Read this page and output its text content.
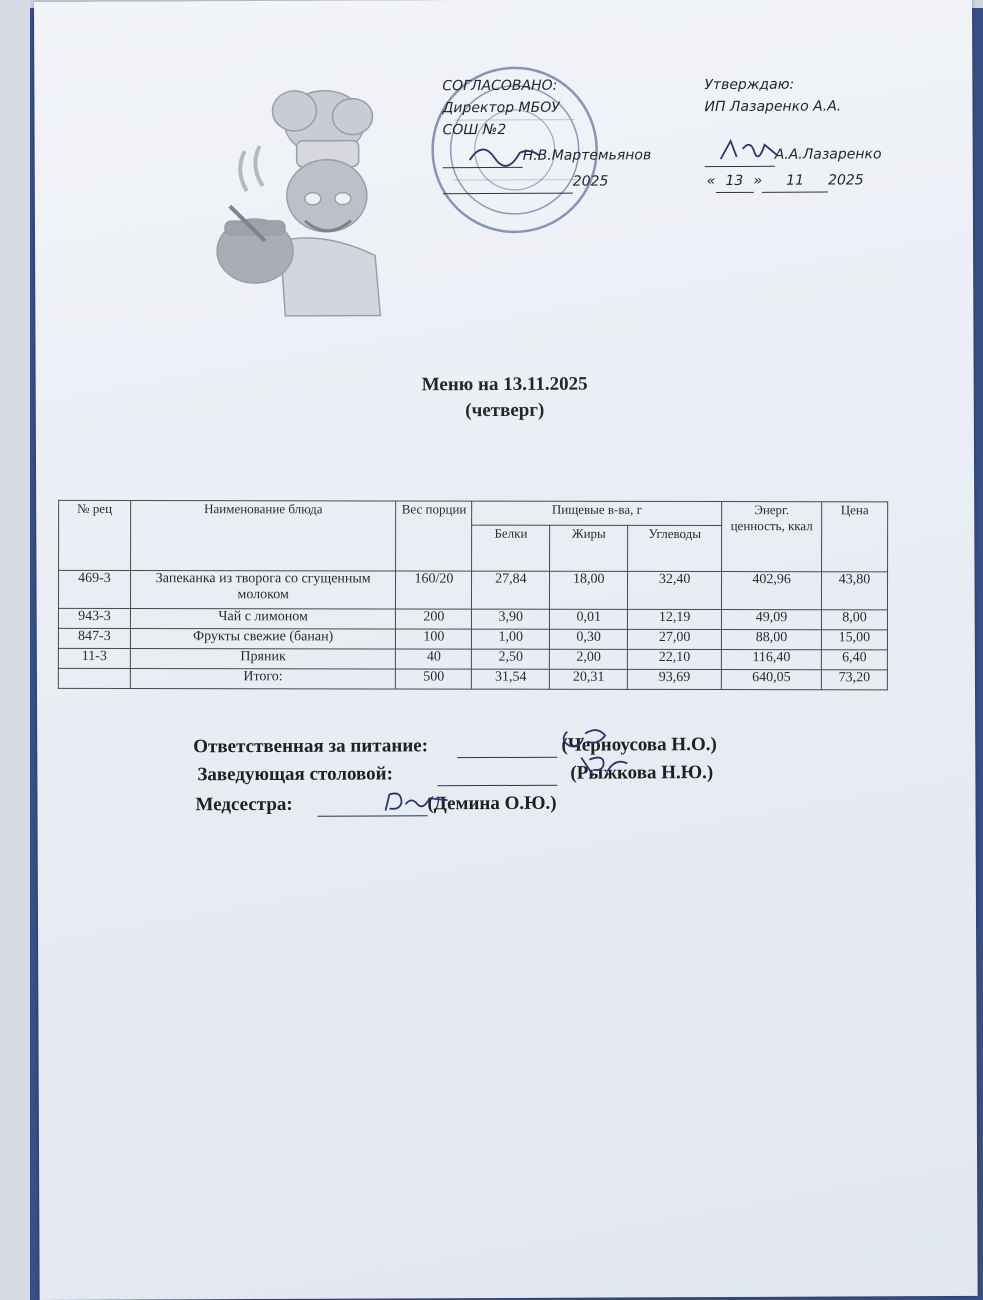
СОГЛАСОВАНО:
Директор МБОУ
СОШ №2
Н.В.Мартемьянов
2025
Утверждаю:
ИП Лазаренко А.А.
А.А.Лазаренко
« 13 » 11 2025
Меню на 13.11.2025
(четверг)
№ рец	Наименование блюда	Вес порции	Пищевые в-ва, г			Энерг. ценность, ккал	Цена
			Белки	Жиры	Углеводы		
469-3	Запеканка из творога со сгущенным молоком	160/20	27,84	18,00	32,40	402,96	43,80
943-3	Чай с лимоном	200	3,90	0,01	12,19	49,09	8,00
847-3	Фрукты свежие (банан)	100	1,00	0,30	27,00	88,00	15,00
11-3	Пряник	40	2,50	2,00	22,10	116,40	6,40
	Итого:	500	31,54	20,31	93,69	640,05	73,20
Ответственная за питание:	(Черноусова Н.О.)
Заведующая столовой:	(Рыжкова Н.Ю.)
Медсестра:	(Демина О.Ю.)
